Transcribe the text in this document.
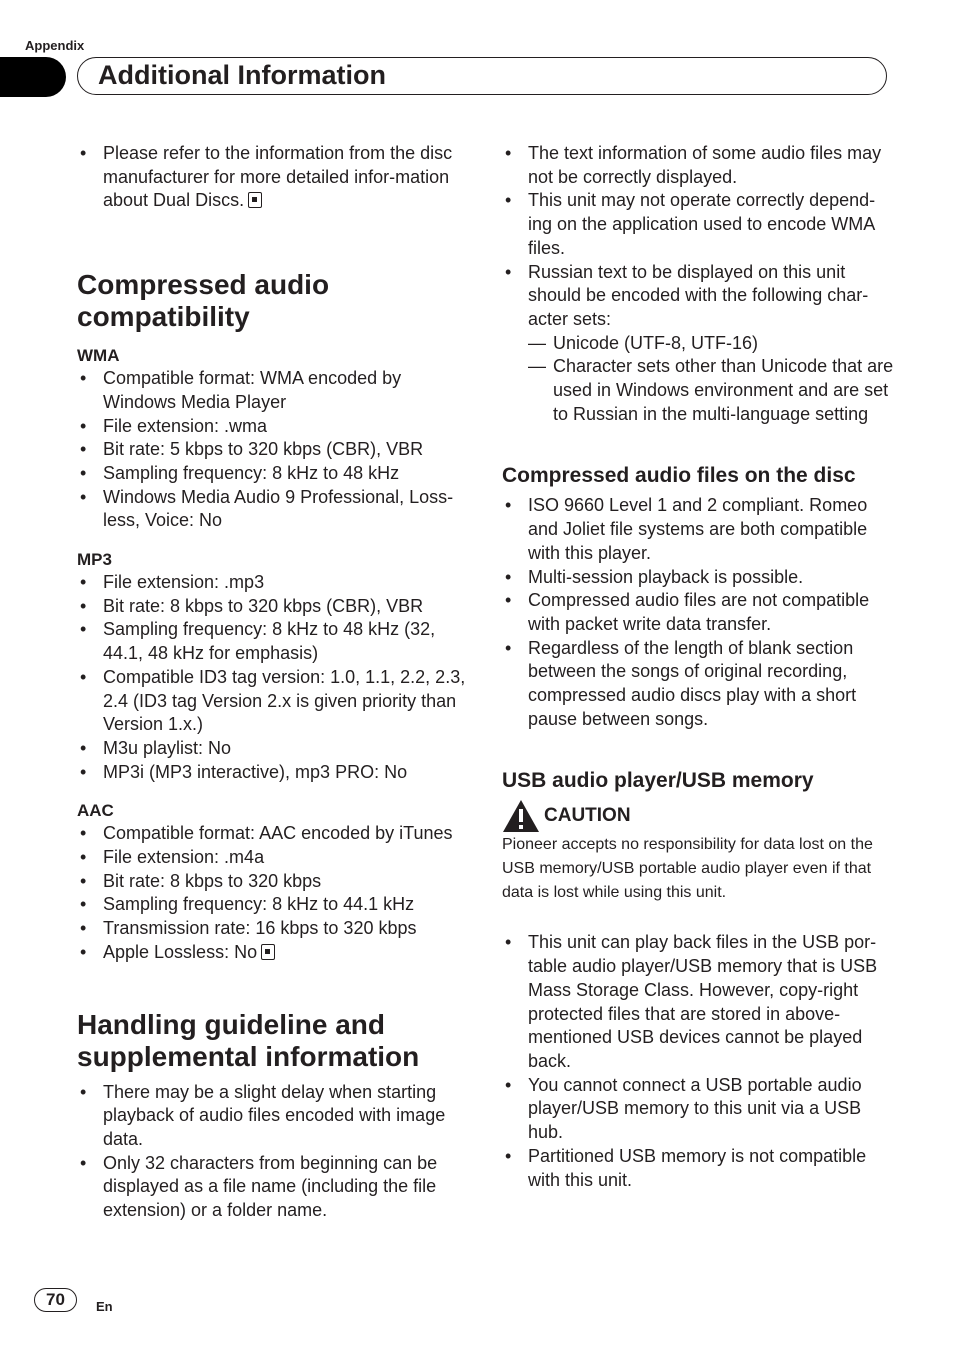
Appendix
Additional Information
• Please refer to the information from the disc manufacturer for more detailed infor-mation about Dual Discs.
Compressed audio compatibility
WMA
• Compatible format: WMA encoded by Windows Media Player
• File extension: .wma
• Bit rate: 5 kbps to 320 kbps (CBR), VBR
• Sampling frequency: 8 kHz to 48 kHz
• Windows Media Audio 9 Professional, Loss-less, Voice: No
MP3
• File extension: .mp3
• Bit rate: 8 kbps to 320 kbps (CBR), VBR
• Sampling frequency: 8 kHz to 48 kHz (32, 44.1, 48 kHz for emphasis)
• Compatible ID3 tag version: 1.0, 1.1, 2.2, 2.3, 2.4 (ID3 tag Version 2.x is given priority than Version 1.x.)
• M3u playlist: No
• MP3i (MP3 interactive), mp3 PRO: No
AAC
• Compatible format: AAC encoded by iTunes
• File extension: .m4a
• Bit rate: 8 kbps to 320 kbps
• Sampling frequency: 8 kHz to 44.1 kHz
• Transmission rate: 16 kbps to 320 kbps
• Apple Lossless: No
Handling guideline and supplemental information
• There may be a slight delay when starting playback of audio files encoded with image data.
• Only 32 characters from beginning can be displayed as a file name (including the file extension) or a folder name.
• The text information of some audio files may not be correctly displayed.
• This unit may not operate correctly depend-ing on the application used to encode WMA files.
• Russian text to be displayed on this unit should be encoded with the following char-acter sets:
— Unicode (UTF-8, UTF-16)
— Character sets other than Unicode that are used in Windows environment and are set to Russian in the multi-language setting
Compressed audio files on the disc
• ISO 9660 Level 1 and 2 compliant. Romeo and Joliet file systems are both compatible with this player.
• Multi-session playback is possible.
• Compressed audio files are not compatible with packet write data transfer.
• Regardless of the length of blank section between the songs of original recording, compressed audio discs play with a short pause between songs.
USB audio player/USB memory
CAUTION
Pioneer accepts no responsibility for data lost on the USB memory/USB portable audio player even if that data is lost while using this unit.
• This unit can play back files in the USB por-table audio player/USB memory that is USB Mass Storage Class. However, copy-right protected files that are stored in above-mentioned USB devices cannot be played back.
• You cannot connect a USB portable audio player/USB memory to this unit via a USB hub.
• Partitioned USB memory is not compatible with this unit.
70	En
